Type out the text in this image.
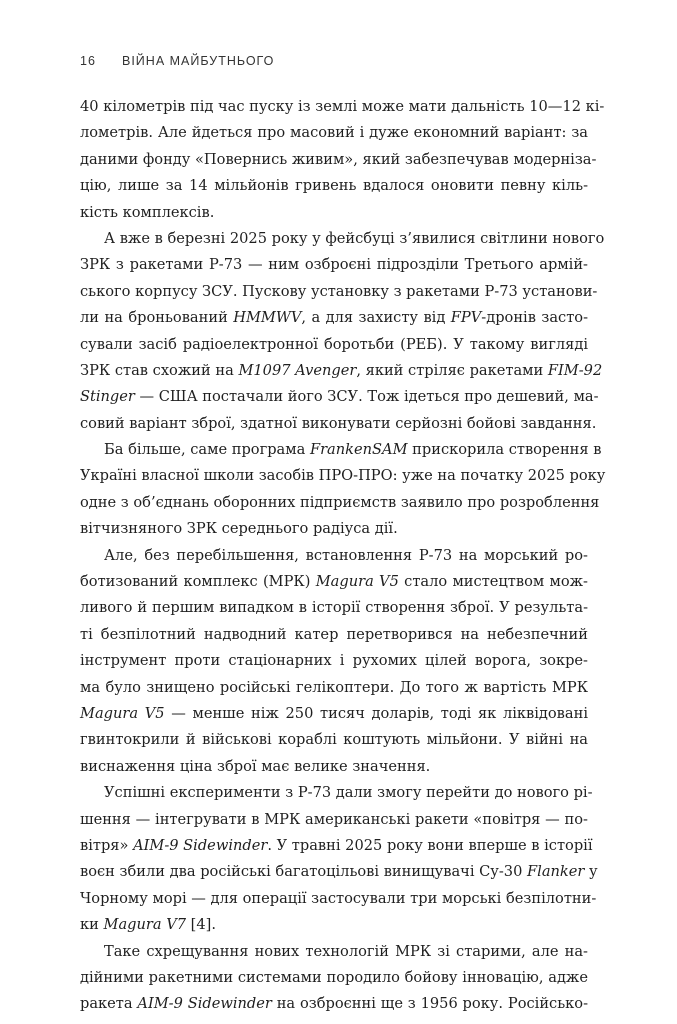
16 ВІЙНА МАЙБУТНЬОГО
40 кілометрів під час пуску із землі може мати дальність 10—12 кі-
лометрів. Але йдеться про масовий і дуже економний варіант: за
даними фонду «Повернись живим», який забезпечував модерніза-
цію, лише за 14 мільйонів гривень вдалося оновити певну кіль-
кість комплексів.
А вже в березні 2025 року у фейсбуці з’явилися світлини нового
ЗРК з ракетами Р-73 — ним озброєні підрозділи Третього армій-
ського корпусу ЗСУ. Пускову установку з ракетами Р-73 установи-
ли на броньований HMMWV, а для захисту від FPV-дронів засто-
сували засіб радіоелектронної боротьби (РЕБ). У такому вигляді
ЗРК став схожий на M1097 Avenger, який стріляє ракетами FIM-92
Stinger — США постачали його ЗСУ. Тож ідеться про дешевий, ма-
совий варіант зброї, здатної виконувати серйозні бойові завдання.
Ба більше, саме програма FrankenSAM прискорила створення в
Україні власної школи засобів ПРО-ПРО: уже на початку 2025 року
одне з об’єднань оборонних підприємств заявило про розроблення
вітчизняного ЗРК середнього радіуса дії.
Але, без перебільшення, встановлення Р-73 на морський ро-
ботизований комплекс (МРК) Magura V5 стало мистецтвом мож-
ливого й першим випадком в історії створення зброї. У результа-
ті безпілотний надводний катер перетворився на небезпечний
інструмент проти стаціонарних і рухомих цілей ворога, зокре-
ма було знищено російські гелікоптери. До того ж вартість МРК
Magura V5 — менше ніж 250 тисяч доларів, тоді як ліквідовані
гвинтокрили й військові кораблі коштують мільйони. У війні на
виснаження ціна зброї має велике значення.
Успішні експерименти з Р-73 дали змогу перейти до нового рі-
шення — інтегрувати в МРК американські ракети «повітря — по-
вітря» AIM-9 Sidewinder. У травні 2025 року вони вперше в історії
воєн збили два російські багатоцільові винищувачі Су-30 Flanker у
Чорному морі — для операції застосували три морські безпілотни-
ки Magura V7 [4].
Таке схрещування нових технологій МРК зі старими, але на-
дійними ракетними системами породило бойову інновацію, адже
ракета AIM-9 Sidewinder на озброєнні ще з 1956 року. Російсько-
